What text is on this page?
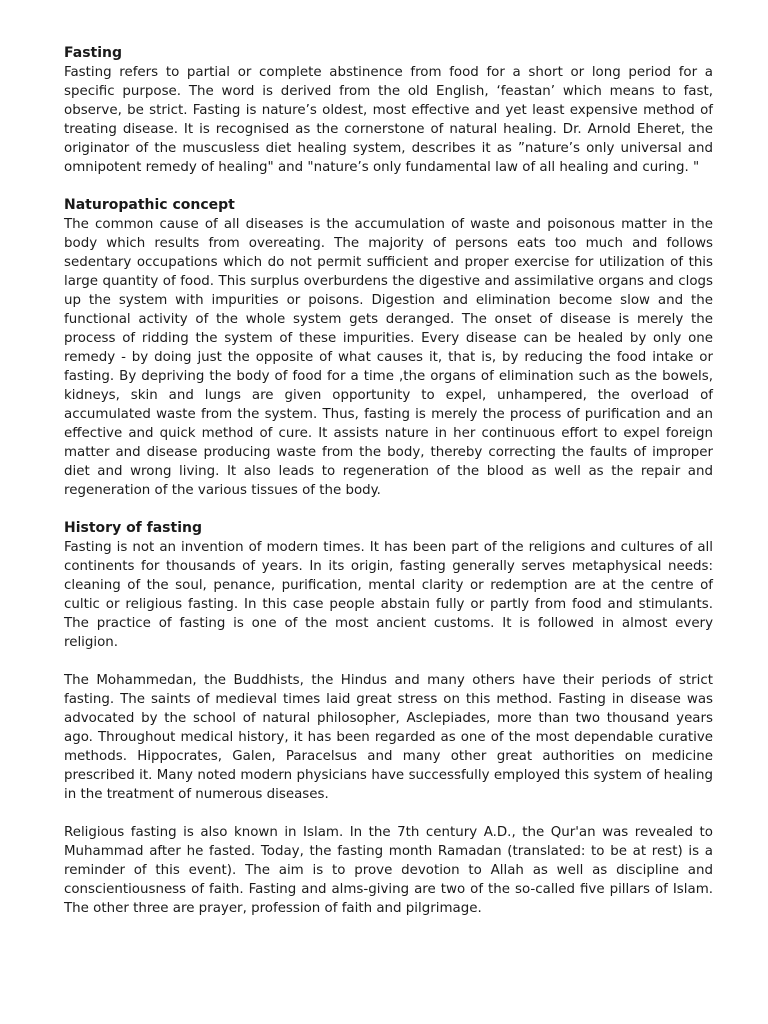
Fasting

Fasting refers to partial or complete abstinence from food for a short or long period for a specific purpose. The word is derived from the old English, ‘feastan’ which means to fast, observe, be strict. Fasting is nature’s oldest, most effective and yet least expensive method of treating disease. It is recognised as the cornerstone of natural healing. Dr. Arnold Eheret, the originator of the muscusless diet healing system, describes it as ”nature’s only universal and omnipotent remedy of healing" and "nature’s only fundamental law of all healing and curing. "

Naturopathic concept

The common cause of all diseases is the accumulation of waste and poisonous matter in the body which results from overeating. The majority of persons eats too much and follows sedentary occupations which do not permit sufficient and proper exercise for utilization of this large quantity of food. This surplus overburdens the digestive and assimilative organs and clogs up the system with impurities or poisons. Digestion and elimination become slow and the functional activity of the whole system gets deranged. The onset of disease is merely the process of ridding the system of these impurities. Every disease can be healed by only one remedy - by doing just the opposite of what causes it, that is, by reducing the food intake or fasting. By depriving the body of food for a time ,the organs of elimination such as the bowels, kidneys, skin and lungs are given opportunity to expel, unhampered, the overload of accumulated waste from the system. Thus, fasting is merely the process of purification and an effective and quick method of cure. It assists nature in her continuous effort to expel foreign matter and disease producing waste from the body, thereby correcting the faults of improper diet and wrong living. It also leads to regeneration of the blood as well as the repair and regeneration of the various tissues of the body.

History of fasting

Fasting is not an invention of modern times. It has been part of the religions and cultures of all continents for thousands of years. In its origin, fasting generally serves metaphysical needs: cleaning of the soul, penance, purification, mental clarity or redemption are at the centre of cultic or religious fasting. In this case people abstain fully or partly from food and stimulants. The practice of fasting is one of the most ancient customs. It is followed in almost every religion.

The Mohammedan, the Buddhists, the Hindus and many others have their periods of strict fasting. The saints of medieval times laid great stress on this method. Fasting in disease was advocated by the school of natural philosopher, Asclepiades, more than two thousand years ago. Throughout medical history, it has been regarded as one of the most dependable curative methods. Hippocrates, Galen, Paracelsus and many other great authorities on medicine prescribed it. Many noted modern physicians have successfully employed this system of healing in the treatment of numerous diseases.

Religious fasting is also known in Islam. In the 7th century A.D., the Qur'an was revealed to Muhammad after he fasted. Today, the fasting month Ramadan (translated: to be at rest) is a reminder of this event). The aim is to prove devotion to Allah as well as discipline and conscientiousness of faith. Fasting and alms-giving are two of the so-called five pillars of Islam. The other three are prayer, profession of faith and pilgrimage.
